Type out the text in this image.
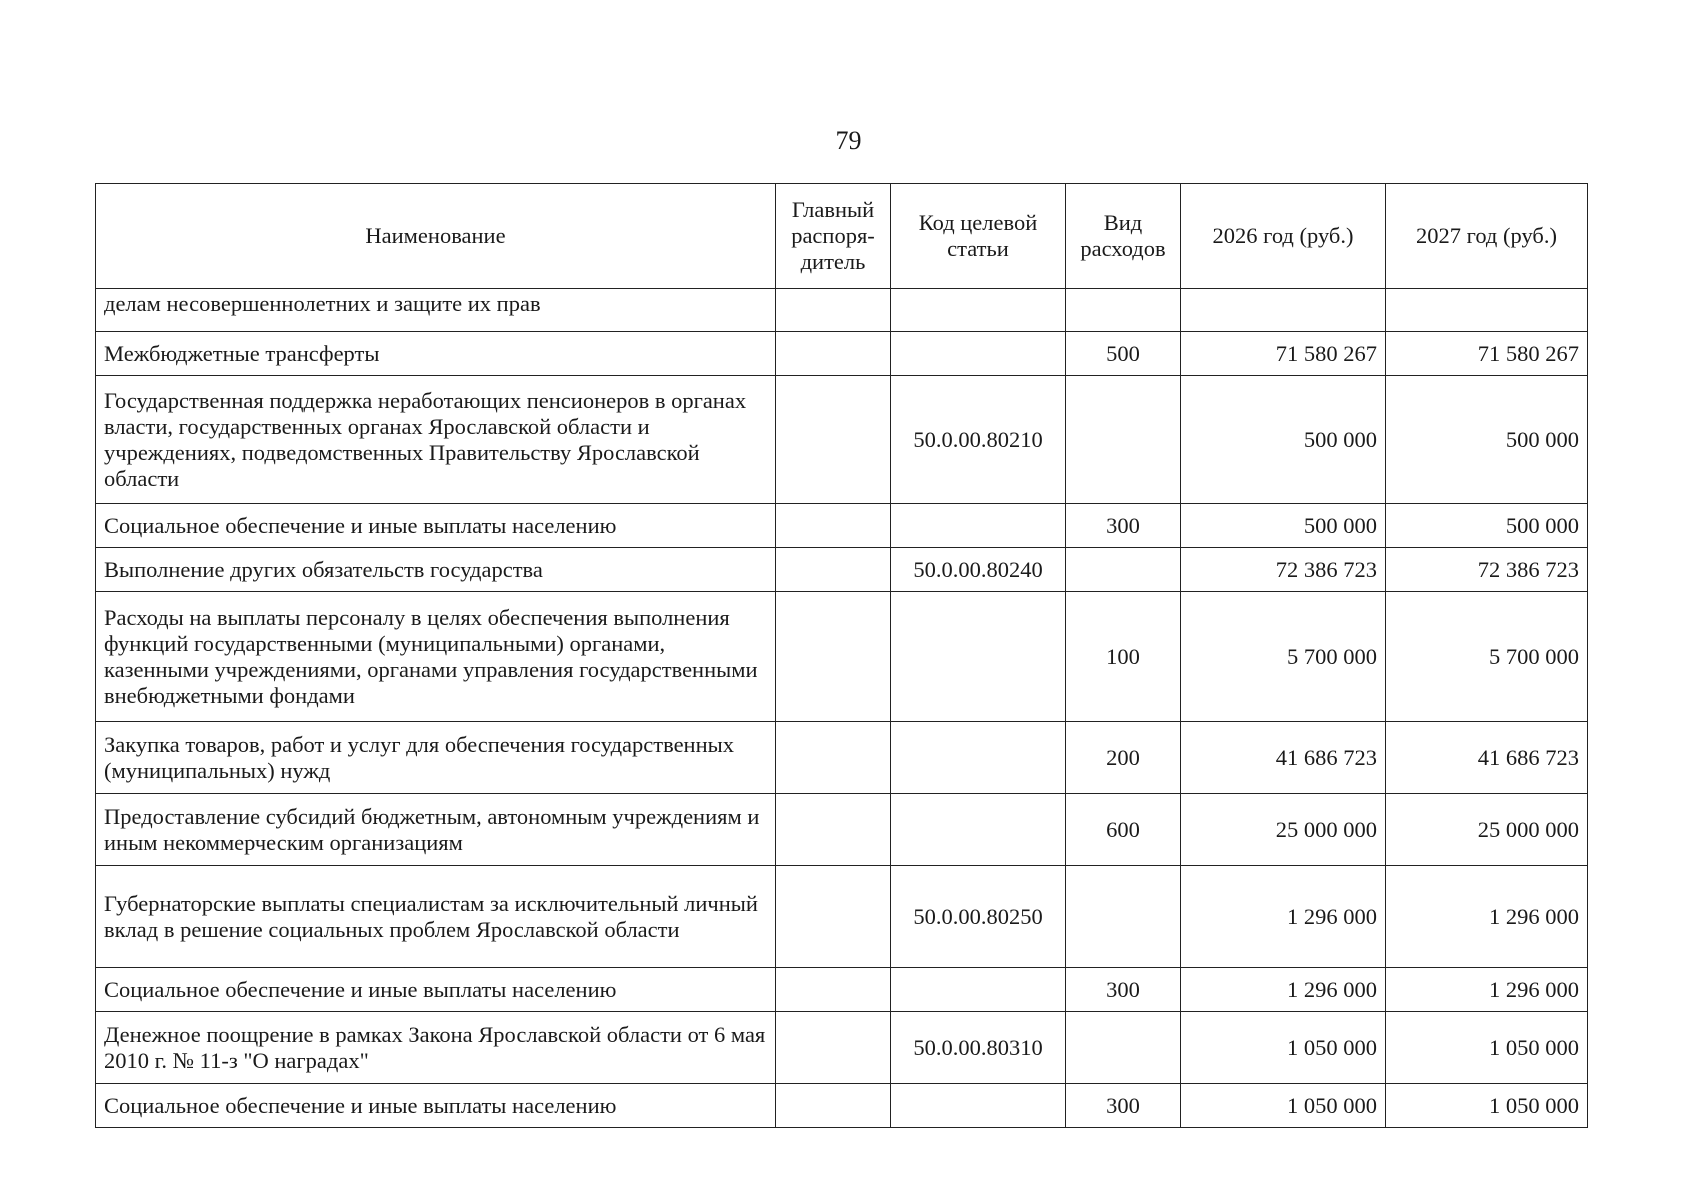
79
Наименование	Главный распоря-дитель	Код целевой статьи	Вид расходов	2026 год (руб.)	2027 год (руб.)
делам несовершеннолетних и защите их прав					
Межбюджетные трансферты			500	71 580 267	71 580 267
Государственная поддержка неработающих пенсионеров в органах власти, государственных органах Ярославской области и учреждениях, подведомственных Правительству Ярославской области		50.0.00.80210		500 000	500 000
Социальное обеспечение и иные выплаты населению			300	500 000	500 000
Выполнение других обязательств государства		50.0.00.80240		72 386 723	72 386 723
Расходы на выплаты персоналу в целях обеспечения выполнения функций государственными (муниципальными) органами, казенными учреждениями, органами управления государственными внебюджетными фондами			100	5 700 000	5 700 000
Закупка товаров, работ и услуг для обеспечения государственных (муниципальных) нужд			200	41 686 723	41 686 723
Предоставление субсидий бюджетным, автономным учреждениям и иным некоммерческим организациям			600	25 000 000	25 000 000
Губернаторские выплаты специалистам за исключительный личный вклад в решение социальных проблем Ярославской области		50.0.00.80250		1 296 000	1 296 000
Социальное обеспечение и иные выплаты населению			300	1 296 000	1 296 000
Денежное поощрение в рамках Закона Ярославской области от 6 мая 2010 г. № 11-з "О наградах"		50.0.00.80310		1 050 000	1 050 000
Социальное обеспечение и иные выплаты населению			300	1 050 000	1 050 000
